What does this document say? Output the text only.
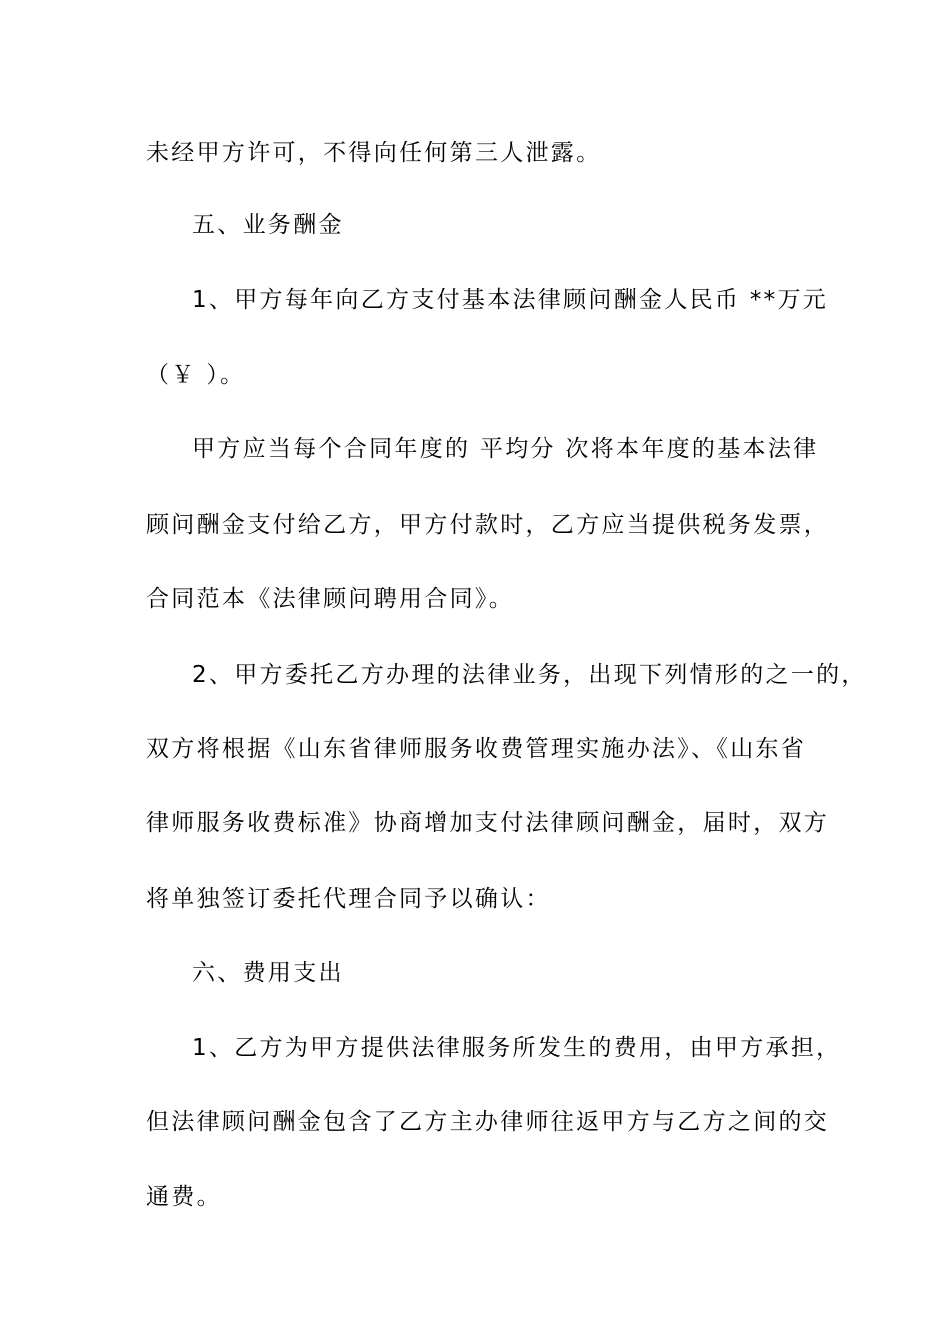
未经甲方许可，不得向任何第三人泄露。
五、业务酬金
1、甲方每年向乙方支付基本法律顾问酬金人民币 **万元
（￥ ）。
甲方应当每个合同年度的 平均分 次将本年度的基本法律
顾问酬金支付给乙方，甲方付款时，乙方应当提供税务发票，
合同范本《法律顾问聘用合同》。
2、甲方委托乙方办理的法律业务，出现下列情形的之一的，
双方将根据《山东省律师服务收费管理实施办法》、《山东省
律师服务收费标准》协商增加支付法律顾问酬金，届时，双方
将单独签订委托代理合同予以确认：
六、费用支出
1、乙方为甲方提供法律服务所发生的费用，由甲方承担，
但法律顾问酬金包含了乙方主办律师往返甲方与乙方之间的交
通费。
